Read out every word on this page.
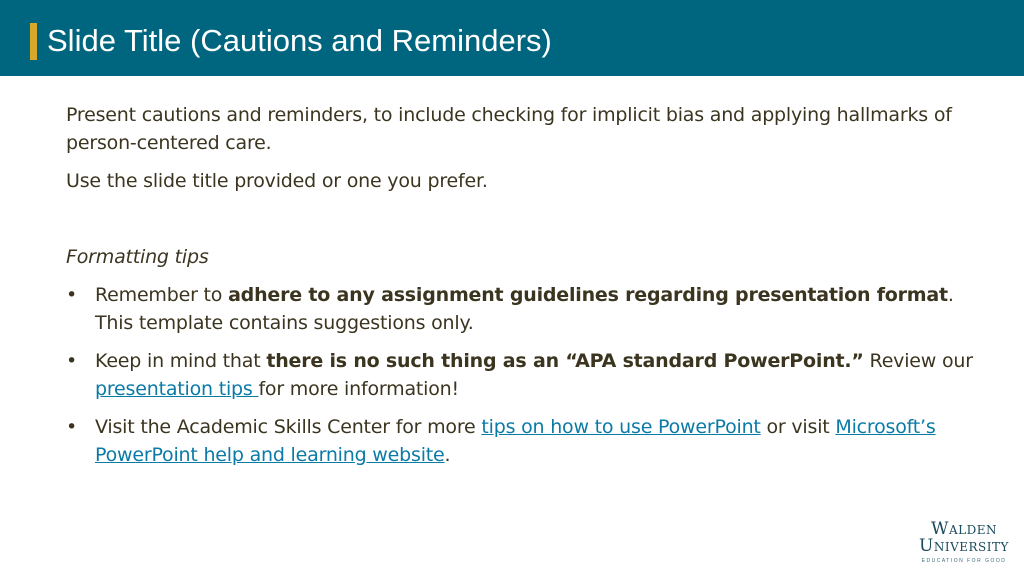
Slide Title (Cautions and Reminders)

Present cautions and reminders, to include checking for implicit bias and applying hallmarks of person-centered care.

Use the slide title provided or one you prefer.

Formatting tips
• Remember to adhere to any assignment guidelines regarding presentation format. This template contains suggestions only.
• Keep in mind that there is no such thing as an “APA standard PowerPoint.” Review our presentation tips for more information!
• Visit the Academic Skills Center for more tips on how to use PowerPoint or visit Microsoft’s PowerPoint help and learning website.
Walden
University
EDUCATION FOR GOOD
